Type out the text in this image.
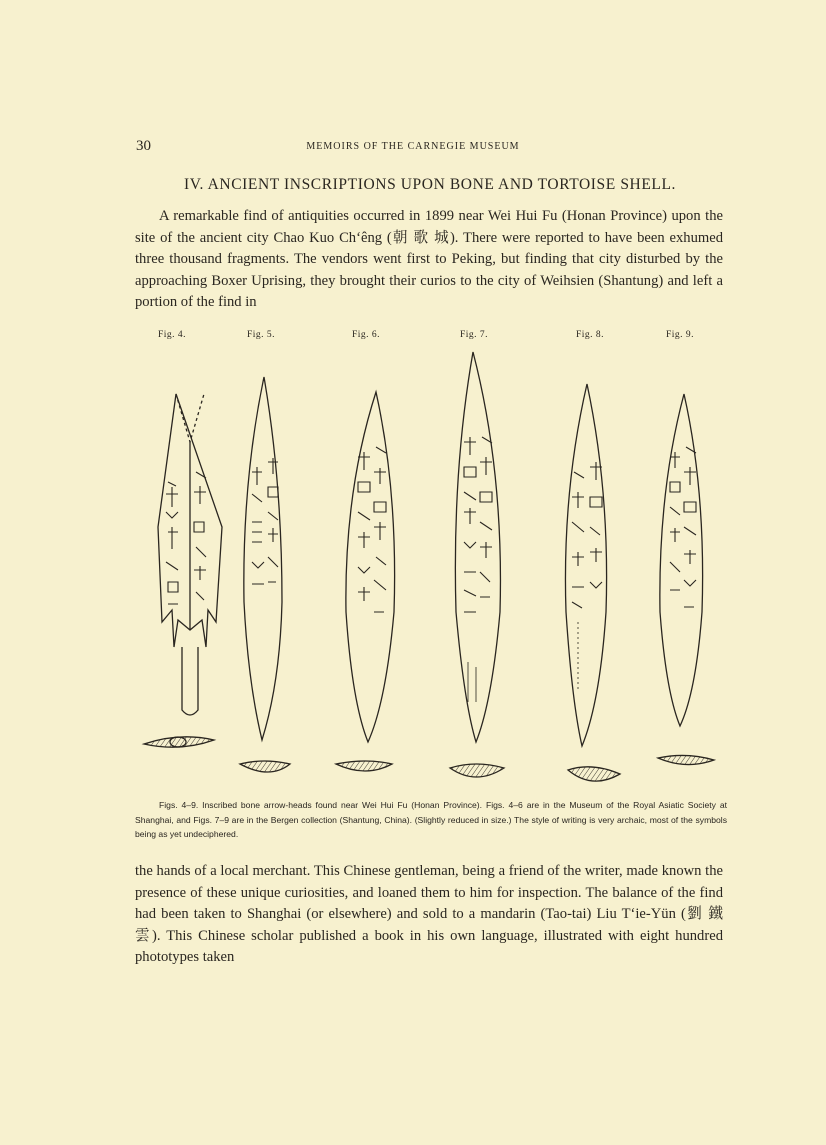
30	MEMOIRS OF THE CARNEGIE MUSEUM
IV. ANCIENT INSCRIPTIONS UPON BONE AND TORTOISE SHELL.

A remarkable find of antiquities occurred in 1899 near Wei Hui Fu (Honan Province) upon the site of the ancient city Chao Kuo Ch‘êng (朝 歌 城). There were reported to have been exhumed three thousand fragments. The vendors went first to Peking, but finding that city disturbed by the approaching Boxer Uprising, they brought their curios to the city of Weihsien (Shantung) and left a portion of the find in

Fig. 4.	Fig. 5.	Fig. 6.	Fig. 7.	Fig. 8.	Fig. 9.

Figs. 4–9. Inscribed bone arrow-heads found near Wei Hui Fu (Honan Province). Figs. 4–6 are in the Museum of the Royal Asiatic Society at Shanghai, and Figs. 7–9 are in the Bergen collection (Shantung, China). (Slightly reduced in size.) The style of writing is very archaic, most of the symbols being as yet undeciphered.

the hands of a local merchant. This Chinese gentleman, being a friend of the writer, made known the presence of these unique curiosities, and loaned them to him for inspection. The balance of the find had been taken to Shanghai (or elsewhere) and sold to a mandarin (Tao-tai) Liu T‘ie-Yün (劉 鐵 雲). This Chinese scholar published a book in his own language, illustrated with eight hundred phototypes taken
